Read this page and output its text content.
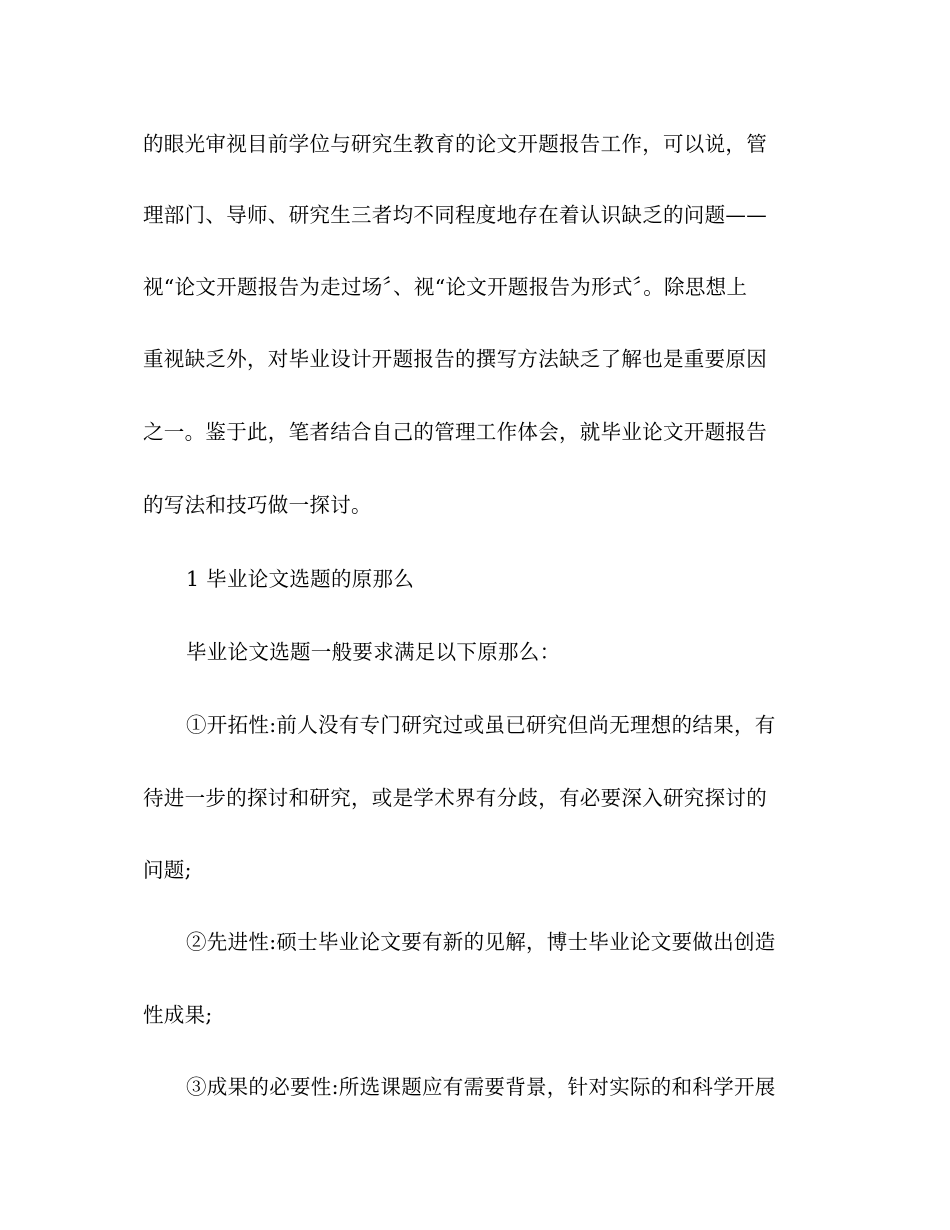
的眼光审视目前学位与研究生教育的论文开题报告工作，可以说，管
理部门、导师、研究生三者均不同程度地存在着认识缺乏的问题——
视“论文开题报告为走过场〞、视“论文开题报告为形式〞。除思想上
重视缺乏外，对毕业设计开题报告的撰写方法缺乏了解也是重要原因
之一。鉴于此，笔者结合自己的管理工作体会，就毕业论文开题报告
的写法和技巧做一探讨。
1 毕业论文选题的原那么
毕业论文选题一般要求满足以下原那么：
①开拓性:前人没有专门研究过或虽已研究但尚无理想的结果，有
待进一步的探讨和研究，或是学术界有分歧，有必要深入研究探讨的
问题;
②先进性:硕士毕业论文要有新的见解，博士毕业论文要做出创造
性成果;
③成果的必要性:所选课题应有需要背景，针对实际的和科学开展
